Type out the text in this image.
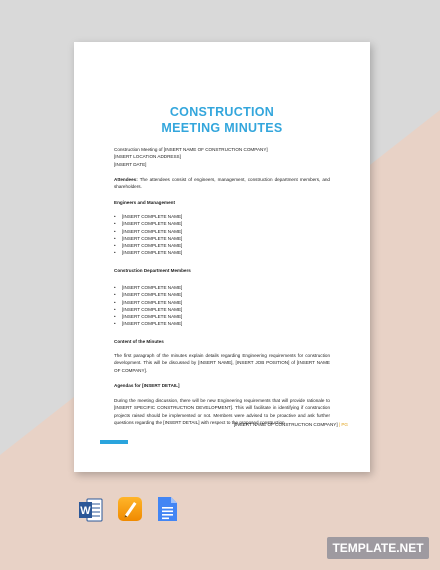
CONSTRUCTION
MEETING MINUTES
Construction Meeting of [INSERT NAME OF CONSTRUCTION COMPANY]
[INSERT LOCATION ADDRESS]
[INSERT DATE]
Attendees: The attendees consist of engineers, management, construction department members, and shareholders.
Engineers and Management
• [INSERT COMPLETE NAME]
• [INSERT COMPLETE NAME]
• [INSERT COMPLETE NAME]
• [INSERT COMPLETE NAME]
• [INSERT COMPLETE NAME]
• [INSERT COMPLETE NAME]
Construction Department Members
• [INSERT COMPLETE NAME]
• [INSERT COMPLETE NAME]
• [INSERT COMPLETE NAME]
• [INSERT COMPLETE NAME]
• [INSERT COMPLETE NAME]
• [INSERT COMPLETE NAME]
Content of the Minutes
The first paragraph of the minutes explain details regarding Engineering requirements for construction development. This will be discussed by [INSERT NAME], [INSERT JOB POSITION] of [INSERT NAME OF COMPANY].
Agendas for [INSERT DETAIL]
During the meeting discussion, there will be new Engineering requirements that will provide rationale to [INSERT SPECIFIC CONSTRUCTION DEVELOPMENT]. This will facilitate in identifying if construction projects raised should be implemented or not. Members were advised to be proactive and ask further questions regarding the [INSERT DETAIL] with respect to the proposed construction
[INSERT NAME OF CONSTRUCTION COMPANY] | PG
W
TEMPLATE.NET
